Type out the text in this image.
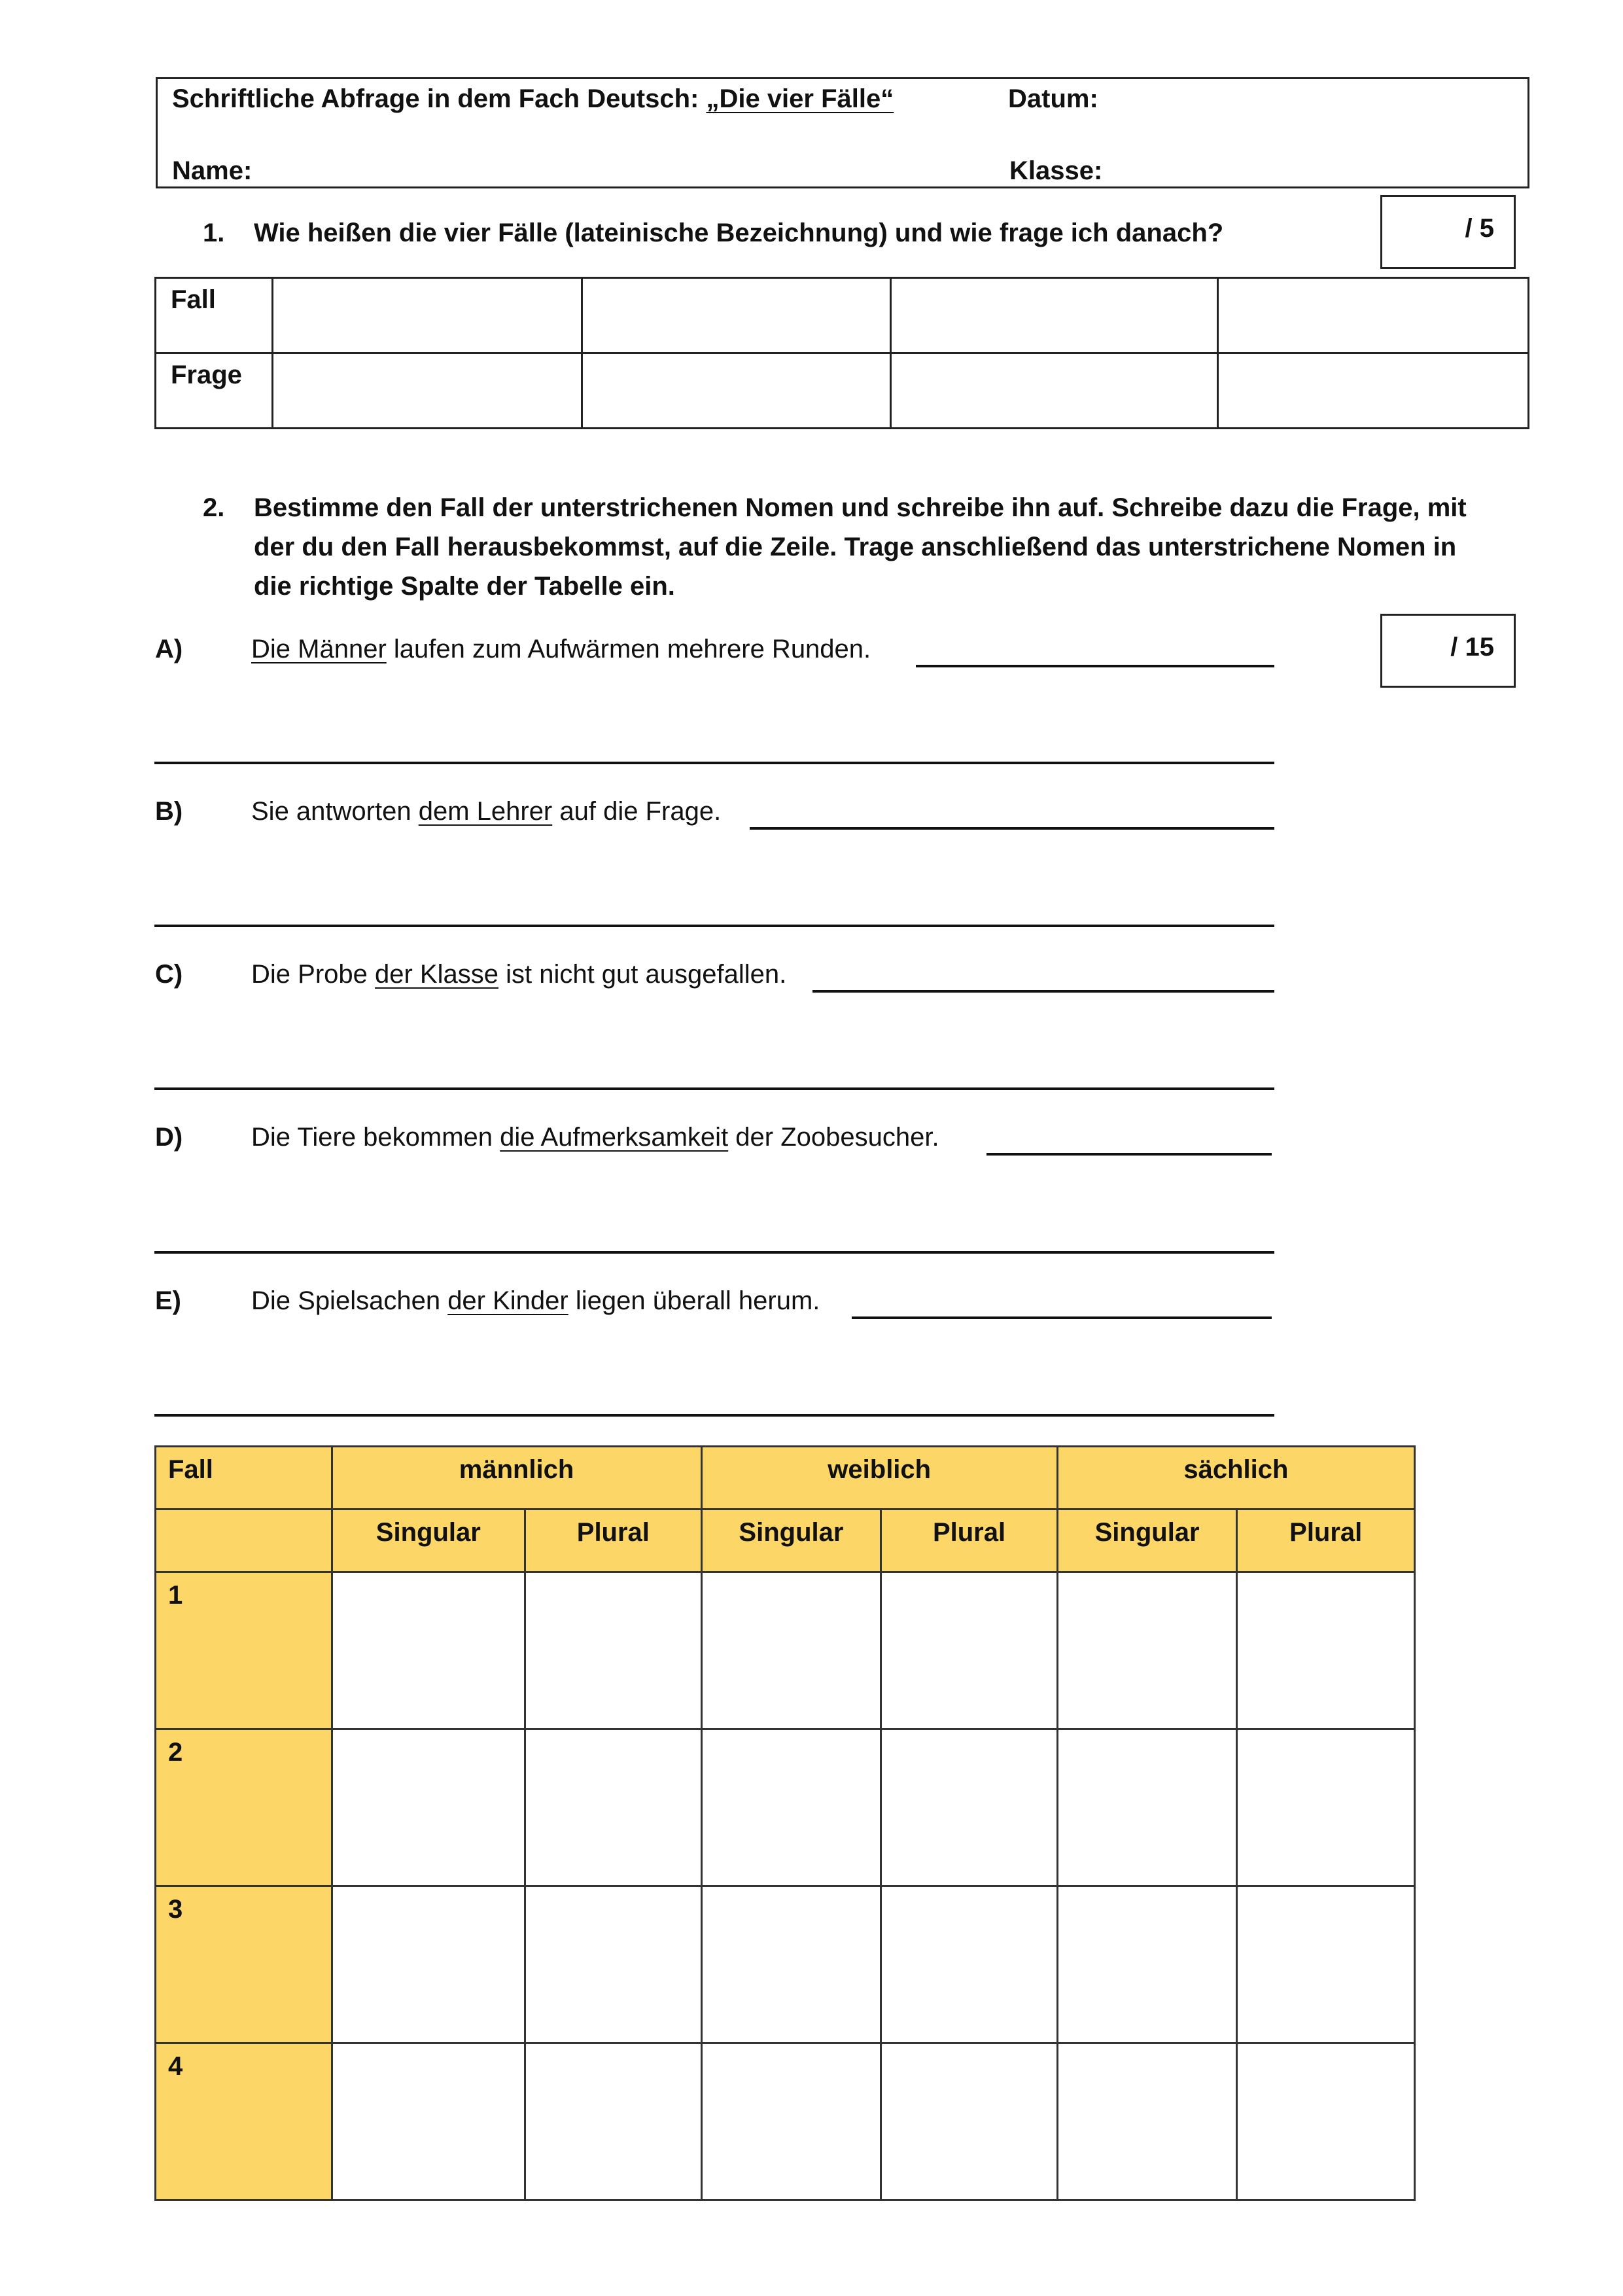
Schriftliche Abfrage in dem Fach Deutsch: „Die vier Fälle“	Datum:
Name:	Klasse:
1. Wie heißen die vier Fälle (lateinische Bezeichnung) und wie frage ich danach?	/ 5
Fall				

Frage				

2. Bestimme den Fall der unterstrichenen Nomen und schreibe ihn auf. Schreibe dazu die Frage, mit
der du den Fall herausbekommst, auf die Zeile. Trage anschließend das unterstrichene Nomen in
die richtige Spalte der Tabelle ein.
/ 15
A)	Die Männer laufen zum Aufwärmen mehrere Runden.
B)	Sie antworten dem Lehrer auf die Frage.
C)	Die Probe der Klasse ist nicht gut ausgefallen.
D)	Die Tiere bekommen die Aufmerksamkeit der Zoobesucher.
E)	Die Spielsachen der Kinder liegen überall herum.
Fall	männlich		weiblich		sächlich	
	Singular	Plural	Singular	Plural	Singular	Plural
1						
2						
3						
4						
